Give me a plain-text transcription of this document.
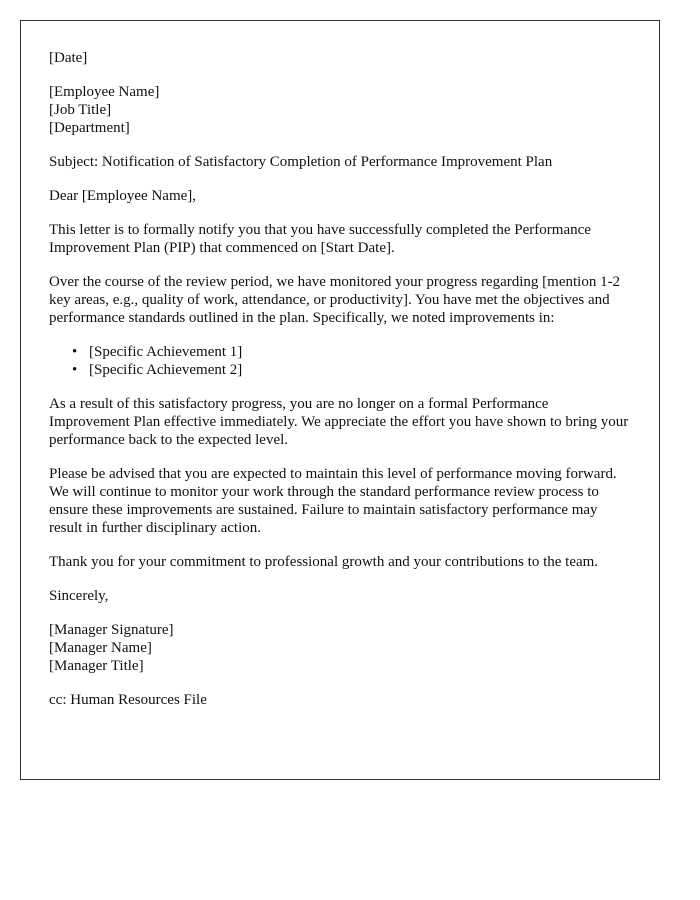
[Date]

[Employee Name]
[Job Title]
[Department]

Subject: Notification of Satisfactory Completion of Performance Improvement Plan

Dear [Employee Name],

This letter is to formally notify you that you have successfully completed the Performance Improvement Plan (PIP) that commenced on [Start Date].

Over the course of the review period, we have monitored your progress regarding [mention 1-2 key areas, e.g., quality of work, attendance, or productivity]. You have met the objectives and performance standards outlined in the plan. Specifically, we noted improvements in:

• [Specific Achievement 1]
• [Specific Achievement 2]

As a result of this satisfactory progress, you are no longer on a formal Performance Improvement Plan effective immediately. We appreciate the effort you have shown to bring your performance back to the expected level.

Please be advised that you are expected to maintain this level of performance moving forward. We will continue to monitor your work through the standard performance review process to ensure these improvements are sustained. Failure to maintain satisfactory performance may result in further disciplinary action.

Thank you for your commitment to professional growth and your contributions to the team.

Sincerely,

[Manager Signature]
[Manager Name]
[Manager Title]

cc: Human Resources File
